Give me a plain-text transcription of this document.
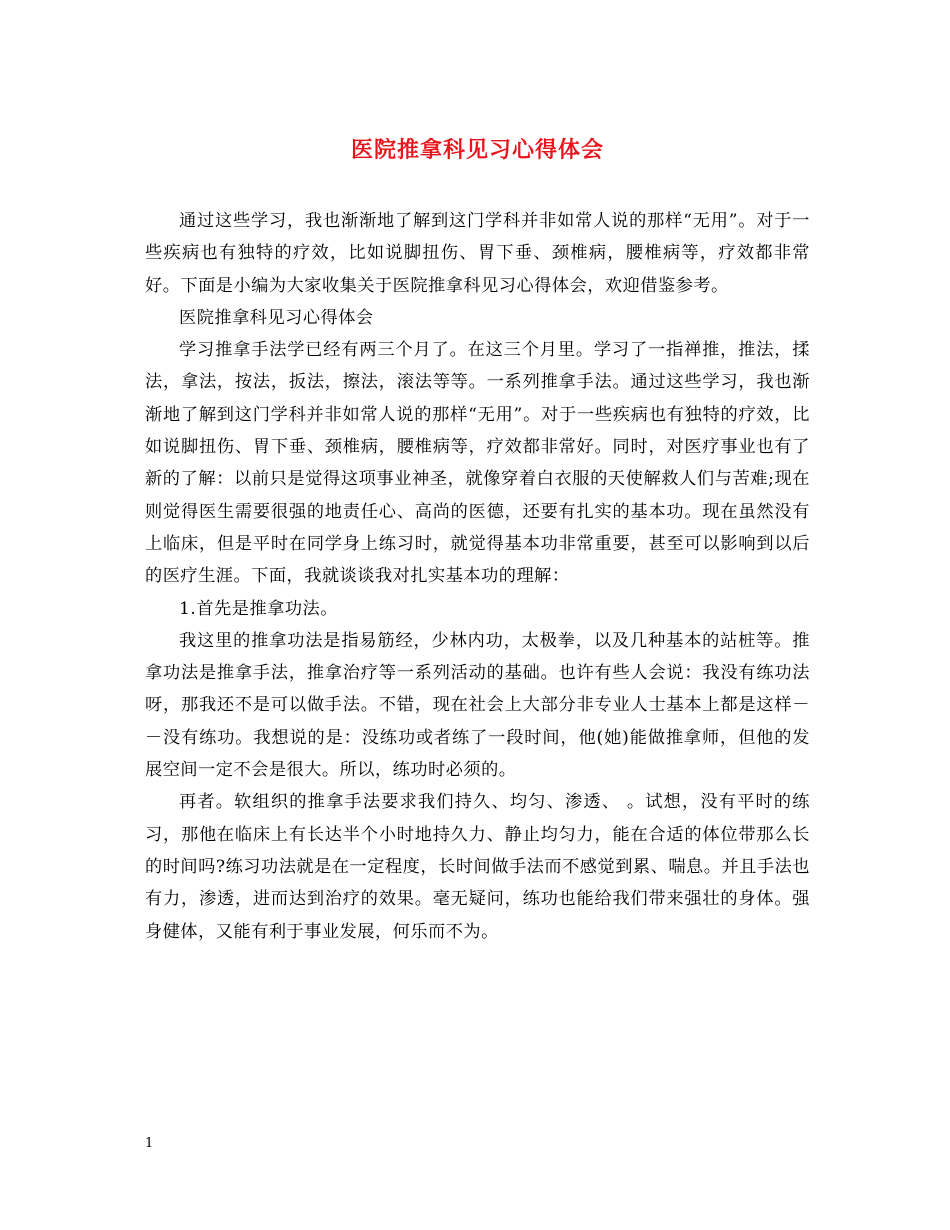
医院推拿科见习心得体会

通过这些学习，我也渐渐地了解到这门学科并非如常人说的那样“无用”。对于一些疾病也有独特的疗效，比如说脚扭伤、胃下垂、颈椎病，腰椎病等，疗效都非常好。下面是小编为大家收集关于医院推拿科见习心得体会，欢迎借鉴参考。

医院推拿科见习心得体会

学习推拿手法学已经有两三个月了。在这三个月里。学习了一指禅推，推法，揉法，拿法，按法，扳法，擦法，滚法等等。一系列推拿手法。通过这些学习，我也渐渐地了解到这门学科并非如常人说的那样“无用”。对于一些疾病也有独特的疗效，比如说脚扭伤、胃下垂、颈椎病，腰椎病等，疗效都非常好。同时，对医疗事业也有了新的了解：以前只是觉得这项事业神圣，就像穿着白衣服的天使解救人们与苦难;现在则觉得医生需要很强的地责任心、高尚的医德，还要有扎实的基本功。现在虽然没有上临床，但是平时在同学身上练习时，就觉得基本功非常重要，甚至可以影响到以后的医疗生涯。下面，我就谈谈我对扎实基本功的理解：

1.首先是推拿功法。

我这里的推拿功法是指易筋经，少林内功，太极拳，以及几种基本的站桩等。推拿功法是推拿手法，推拿治疗等一系列活动的基础。也许有些人会说：我没有练功法呀，那我还不是可以做手法。不错，现在社会上大部分非专业人士基本上都是这样－－没有练功。我想说的是：没练功或者练了一段时间，他(她)能做推拿师，但他的发展空间一定不会是很大。所以，练功时必须的。

再者。软组织的推拿手法要求我们持久、均匀、渗透、 。试想，没有平时的练习，那他在临床上有长达半个小时地持久力、静止均匀力，能在合适的体位带那么长的时间吗?练习功法就是在一定程度，长时间做手法而不感觉到累、喘息。并且手法也有力，渗透，进而达到治疗的效果。毫无疑问，练功也能给我们带来强壮的身体。强身健体，又能有利于事业发展，何乐而不为。

1
